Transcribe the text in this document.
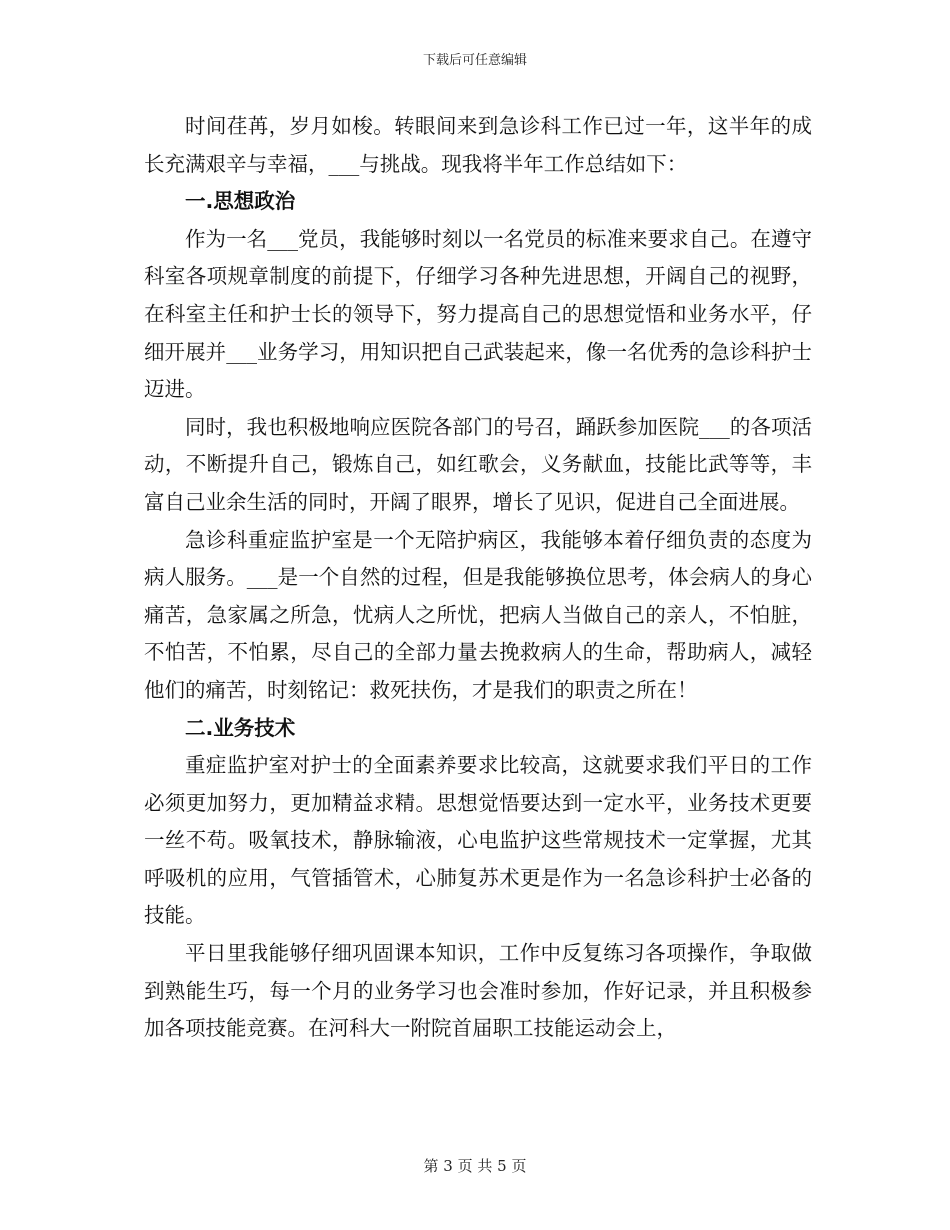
下载后可任意编辑

时间荏苒，岁月如梭。转眼间来到急诊科工作已过一年，这半年的成长充满艰辛与幸福，___与挑战。现我将半年工作总结如下：

一.思想政治

作为一名___党员，我能够时刻以一名党员的标准来要求自己。在遵守科室各项规章制度的前提下，仔细学习各种先进思想，开阔自己的视野，在科室主任和护士长的领导下，努力提高自己的思想觉悟和业务水平，仔细开展并___业务学习，用知识把自己武装起来，像一名优秀的急诊科护士迈进。

同时，我也积极地响应医院各部门的号召，踊跃参加医院___的各项活动，不断提升自己，锻炼自己，如红歌会，义务献血，技能比武等等，丰富自己业余生活的同时，开阔了眼界，增长了见识，促进自己全面进展。

急诊科重症监护室是一个无陪护病区，我能够本着仔细负责的态度为病人服务。___是一个自然的过程，但是我能够换位思考，体会病人的身心痛苦，急家属之所急，忧病人之所忧，把病人当做自己的亲人，不怕脏，不怕苦，不怕累，尽自己的全部力量去挽救病人的生命，帮助病人，减轻他们的痛苦，时刻铭记：救死扶伤，才是我们的职责之所在！

二.业务技术

重症监护室对护士的全面素养要求比较高，这就要求我们平日的工作必须更加努力，更加精益求精。思想觉悟要达到一定水平，业务技术更要一丝不苟。吸氧技术，静脉输液，心电监护这些常规技术一定掌握，尤其呼吸机的应用，气管插管术，心肺复苏术更是作为一名急诊科护士必备的技能。

平日里我能够仔细巩固课本知识，工作中反复练习各项操作，争取做到熟能生巧，每一个月的业务学习也会准时参加，作好记录，并且积极参加各项技能竞赛。在河科大一附院首届职工技能运动会上，

第 3 页 共 5 页
